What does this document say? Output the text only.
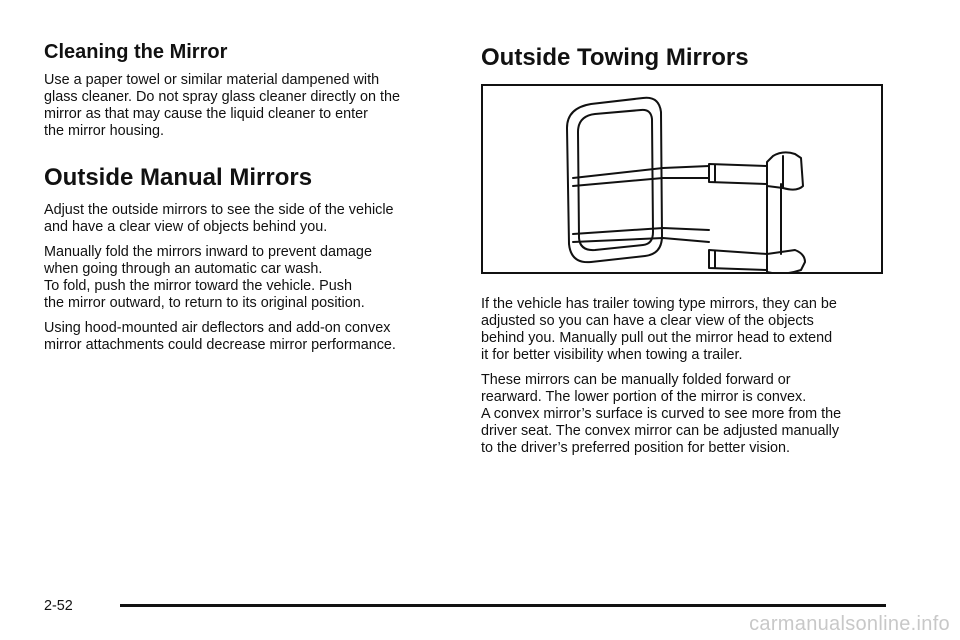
Cleaning the Mirror

Use a paper towel or similar material dampened with
glass cleaner. Do not spray glass cleaner directly on the
mirror as that may cause the liquid cleaner to enter
the mirror housing.

Outside Manual Mirrors

Adjust the outside mirrors to see the side of the vehicle
and have a clear view of objects behind you.

Manually fold the mirrors inward to prevent damage
when going through an automatic car wash.
To fold, push the mirror toward the vehicle. Push
the mirror outward, to return to its original position.

Using hood-mounted air deflectors and add-on convex
mirror attachments could decrease mirror performance.

Outside Towing Mirrors

If the vehicle has trailer towing type mirrors, they can be
adjusted so you can have a clear view of the objects
behind you. Manually pull out the mirror head to extend
it for better visibility when towing a trailer.

These mirrors can be manually folded forward or
rearward. The lower portion of the mirror is convex.
A convex mirror’s surface is curved to see more from the
driver seat. The convex mirror can be adjusted manually
to the driver’s preferred position for better vision.

2-52
carmanualsonline.info
